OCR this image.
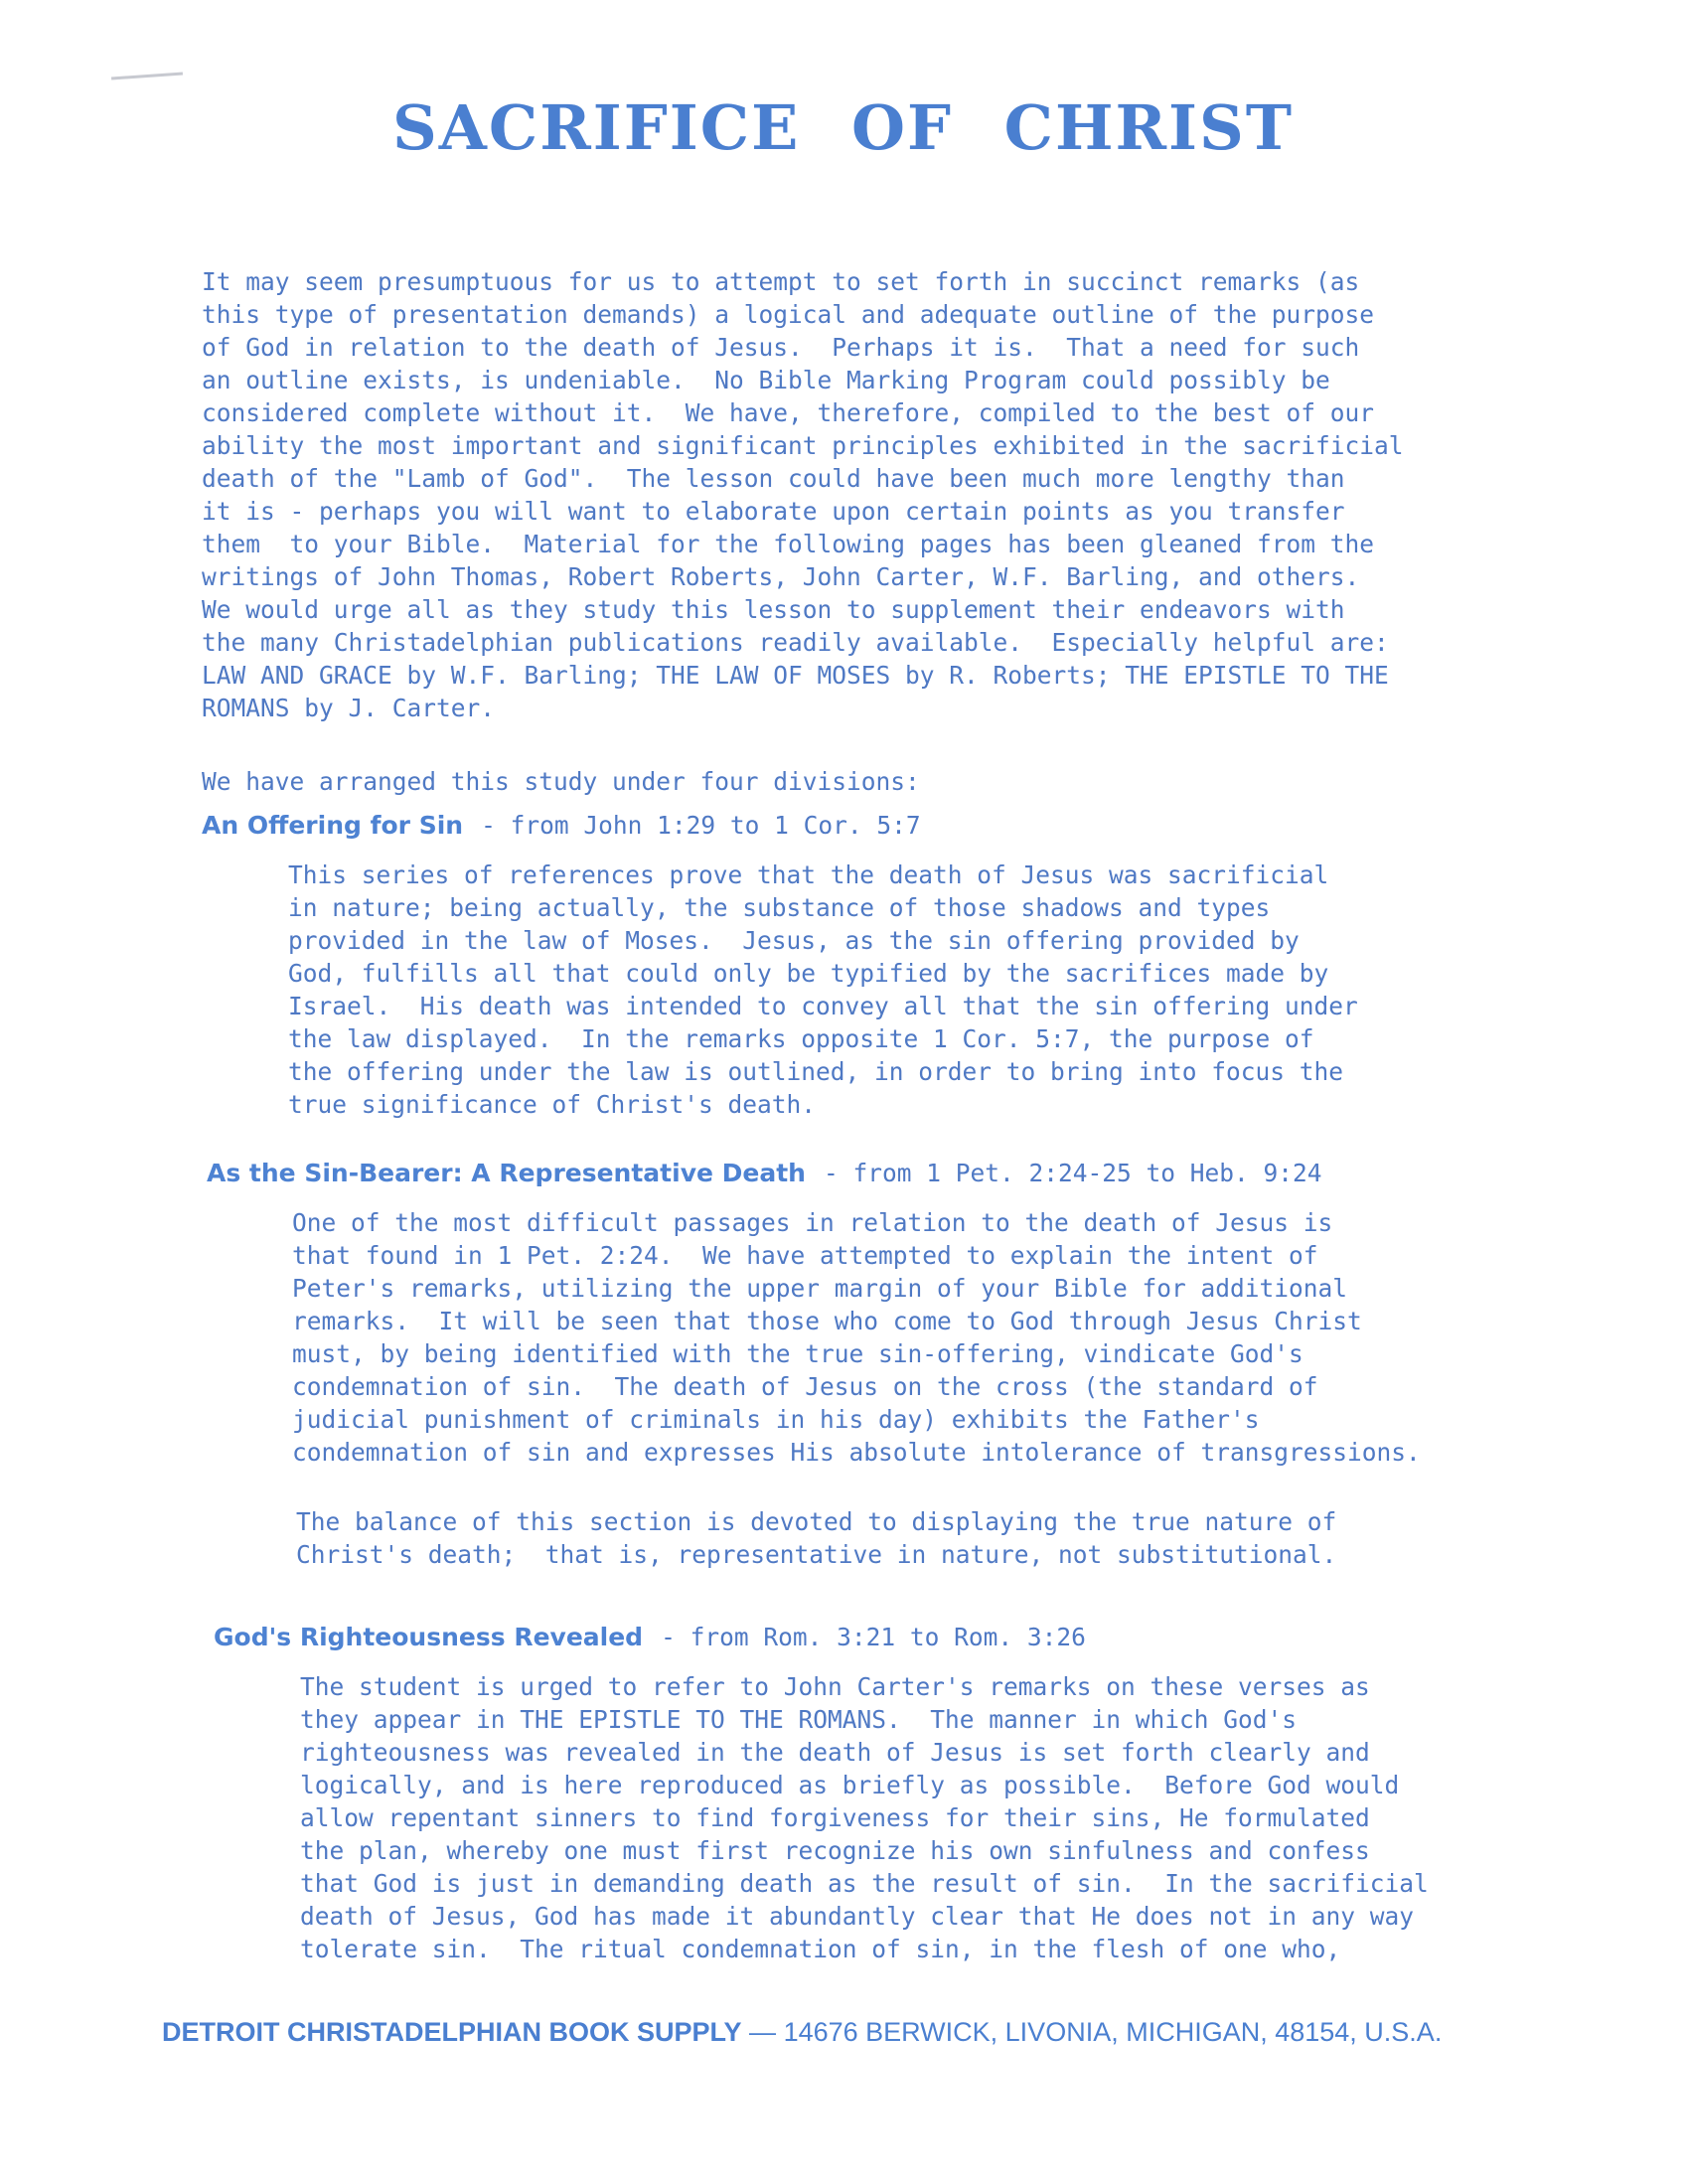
SACRIFICE OF CHRIST
It may seem presumptuous for us to attempt to set forth in succinct remarks (as
this type of presentation demands) a logical and adequate outline of the purpose
of God in relation to the death of Jesus.  Perhaps it is.  That a need for such
an outline exists, is undeniable.  No Bible Marking Program could possibly be
considered complete without it.  We have, therefore, compiled to the best of our
ability the most important and significant principles exhibited in the sacrificial
death of the "Lamb of God".  The lesson could have been much more lengthy than
it is - perhaps you will want to elaborate upon certain points as you transfer
them  to your Bible.  Material for the following pages has been gleaned from the
writings of John Thomas, Robert Roberts, John Carter, W.F. Barling, and others.
We would urge all as they study this lesson to supplement their endeavors with
the many Christadelphian publications readily available.  Especially helpful are:
LAW AND GRACE by W.F. Barling; THE LAW OF MOSES by R. Roberts; THE EPISTLE TO THE
ROMANS by J. Carter.
We have arranged this study under four divisions:
An Offering for Sin - from John 1:29 to 1 Cor. 5:7
This series of references prove that the death of Jesus was sacrificial
in nature; being actually, the substance of those shadows and types
provided in the law of Moses.  Jesus, as the sin offering provided by
God, fulfills all that could only be typified by the sacrifices made by
Israel.  His death was intended to convey all that the sin offering under
the law displayed.  In the remarks opposite 1 Cor. 5:7, the purpose of
the offering under the law is outlined, in order to bring into focus the
true significance of Christ's death.
As the Sin-Bearer: A Representative Death - from 1 Pet. 2:24-25 to Heb. 9:24
One of the most difficult passages in relation to the death of Jesus is
that found in 1 Pet. 2:24.  We have attempted to explain the intent of
Peter's remarks, utilizing the upper margin of your Bible for additional
remarks.  It will be seen that those who come to God through Jesus Christ
must, by being identified with the true sin-offering, vindicate God's
condemnation of sin.  The death of Jesus on the cross (the standard of
judicial punishment of criminals in his day) exhibits the Father's
condemnation of sin and expresses His absolute intolerance of transgressions.
The balance of this section is devoted to displaying the true nature of
Christ's death;  that is, representative in nature, not substitutional.
God's Righteousness Revealed - from Rom. 3:21 to Rom. 3:26
The student is urged to refer to John Carter's remarks on these verses as
they appear in THE EPISTLE TO THE ROMANS.  The manner in which God's
righteousness was revealed in the death of Jesus is set forth clearly and
logically, and is here reproduced as briefly as possible.  Before God would
allow repentant sinners to find forgiveness for their sins, He formulated
the plan, whereby one must first recognize his own sinfulness and confess
that God is just in demanding death as the result of sin.  In the sacrificial
death of Jesus, God has made it abundantly clear that He does not in any way
tolerate sin.  The ritual condemnation of sin, in the flesh of one who,
DETROIT CHRISTADELPHIAN BOOK SUPPLY — 14676 BERWICK, LIVONIA, MICHIGAN, 48154, U.S.A.
